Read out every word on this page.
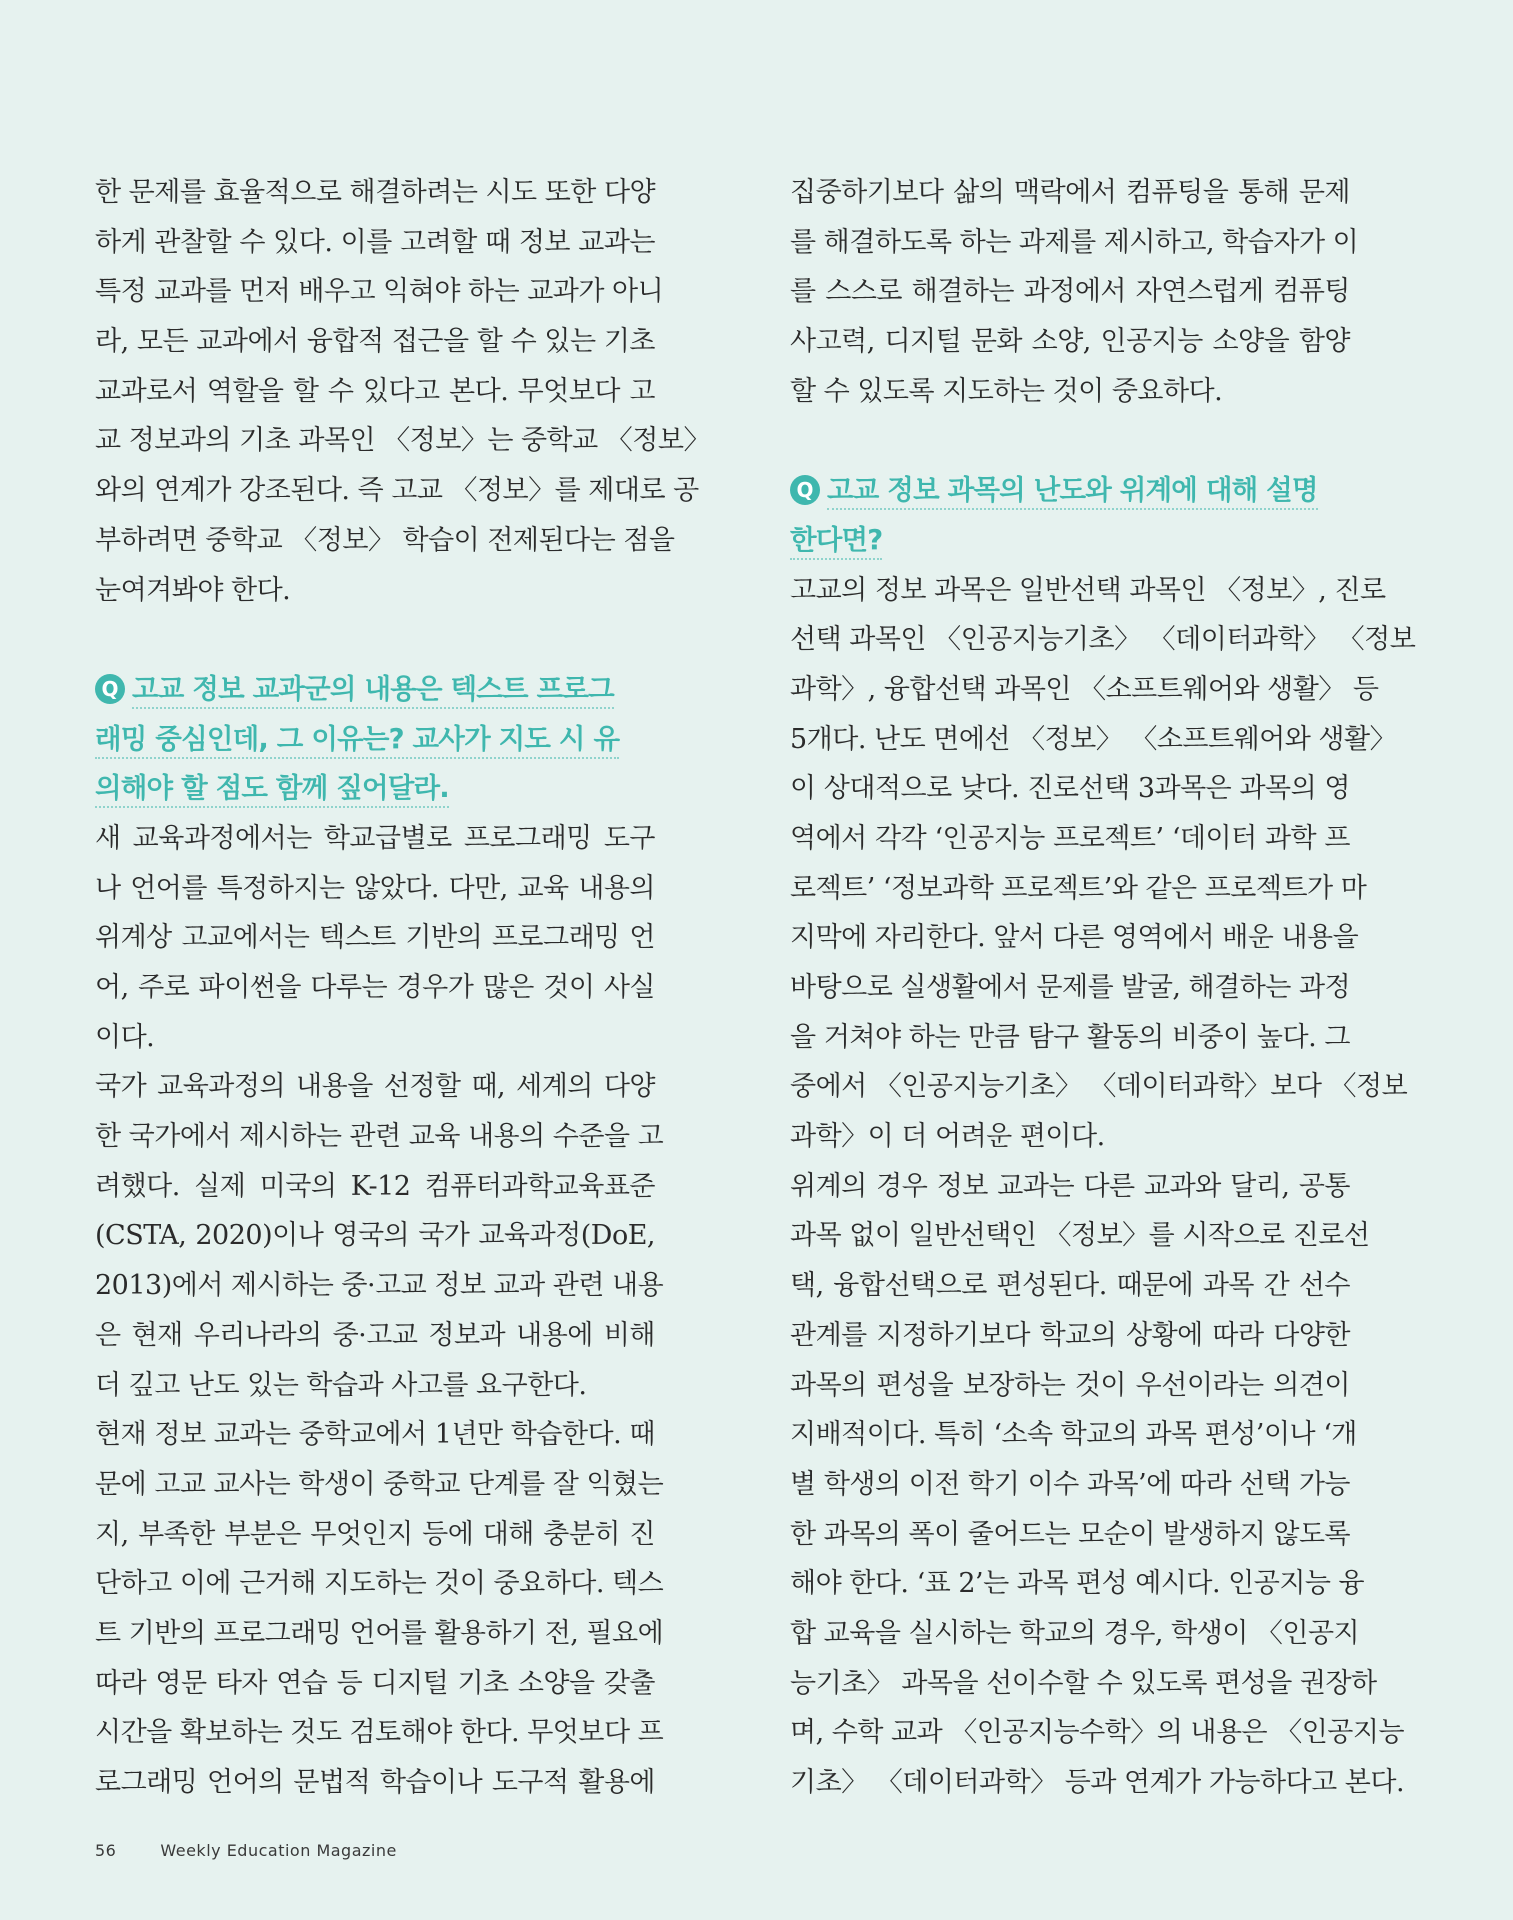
한 문제를 효율적으로 해결하려는 시도 또한 다양
하게 관찰할 수 있다. 이를 고려할 때 정보 교과는
특정 교과를 먼저 배우고 익혀야 하는 교과가 아니
라, 모든 교과에서 융합적 접근을 할 수 있는 기초
교과로서 역할을 할 수 있다고 본다. 무엇보다 고
교 정보과의 기초 과목인 〈정보〉는 중학교 〈정보〉
와의 연계가 강조된다. 즉 고교 〈정보〉를 제대로 공
부하려면 중학교 〈정보〉 학습이 전제된다는 점을
눈여겨봐야 한다.
Q 고교 정보 교과군의 내용은 텍스트 프로그
래밍 중심인데, 그 이유는? 교사가 지도 시 유
의해야 할 점도 함께 짚어달라.
새 교육과정에서는 학교급별로 프로그래밍 도구
나 언어를 특정하지는 않았다. 다만, 교육 내용의
위계상 고교에서는 텍스트 기반의 프로그래밍 언
어, 주로 파이썬을 다루는 경우가 많은 것이 사실
이다.
국가 교육과정의 내용을 선정할 때, 세계의 다양
한 국가에서 제시하는 관련 교육 내용의 수준을 고
려했다. 실제 미국의 K-12 컴퓨터과학교육표준
(CSTA, 2020)이나 영국의 국가 교육과정(DoE,
2013)에서 제시하는 중·고교 정보 교과 관련 내용
은 현재 우리나라의 중·고교 정보과 내용에 비해
더 깊고 난도 있는 학습과 사고를 요구한다.
현재 정보 교과는 중학교에서 1년만 학습한다. 때
문에 고교 교사는 학생이 중학교 단계를 잘 익혔는
지, 부족한 부분은 무엇인지 등에 대해 충분히 진
단하고 이에 근거해 지도하는 것이 중요하다. 텍스
트 기반의 프로그래밍 언어를 활용하기 전, 필요에
따라 영문 타자 연습 등 디지털 기초 소양을 갖출
시간을 확보하는 것도 검토해야 한다. 무엇보다 프
로그래밍 언어의 문법적 학습이나 도구적 활용에
집중하기보다 삶의 맥락에서 컴퓨팅을 통해 문제
를 해결하도록 하는 과제를 제시하고, 학습자가 이
를 스스로 해결하는 과정에서 자연스럽게 컴퓨팅
사고력, 디지털 문화 소양, 인공지능 소양을 함양
할 수 있도록 지도하는 것이 중요하다.
Q 고교 정보 과목의 난도와 위계에 대해 설명
한다면?
고교의 정보 과목은 일반선택 과목인 〈정보〉, 진로
선택 과목인 〈인공지능기초〉 〈데이터과학〉 〈정보
과학〉, 융합선택 과목인 〈소프트웨어와 생활〉 등
5개다. 난도 면에선 〈정보〉 〈소프트웨어와 생활〉
이 상대적으로 낮다. 진로선택 3과목은 과목의 영
역에서 각각 ‘인공지능 프로젝트’ ‘데이터 과학 프
로젝트’ ‘정보과학 프로젝트’와 같은 프로젝트가 마
지막에 자리한다. 앞서 다른 영역에서 배운 내용을
바탕으로 실생활에서 문제를 발굴, 해결하는 과정
을 거쳐야 하는 만큼 탐구 활동의 비중이 높다. 그
중에서 〈인공지능기초〉 〈데이터과학〉보다 〈정보
과학〉이 더 어려운 편이다.
위계의 경우 정보 교과는 다른 교과와 달리, 공통
과목 없이 일반선택인 〈정보〉를 시작으로 진로선
택, 융합선택으로 편성된다. 때문에 과목 간 선수
관계를 지정하기보다 학교의 상황에 따라 다양한
과목의 편성을 보장하는 것이 우선이라는 의견이
지배적이다. 특히 ‘소속 학교의 과목 편성’이나 ‘개
별 학생의 이전 학기 이수 과목’에 따라 선택 가능
한 과목의 폭이 줄어드는 모순이 발생하지 않도록
해야 한다. ‘표 2’는 과목 편성 예시다. 인공지능 융
합 교육을 실시하는 학교의 경우, 학생이 〈인공지
능기초〉 과목을 선이수할 수 있도록 편성을 권장하
며, 수학 교과 〈인공지능수학〉의 내용은 〈인공지능
기초〉 〈데이터과학〉 등과 연계가 가능하다고 본다.
56	Weekly Education Magazine
